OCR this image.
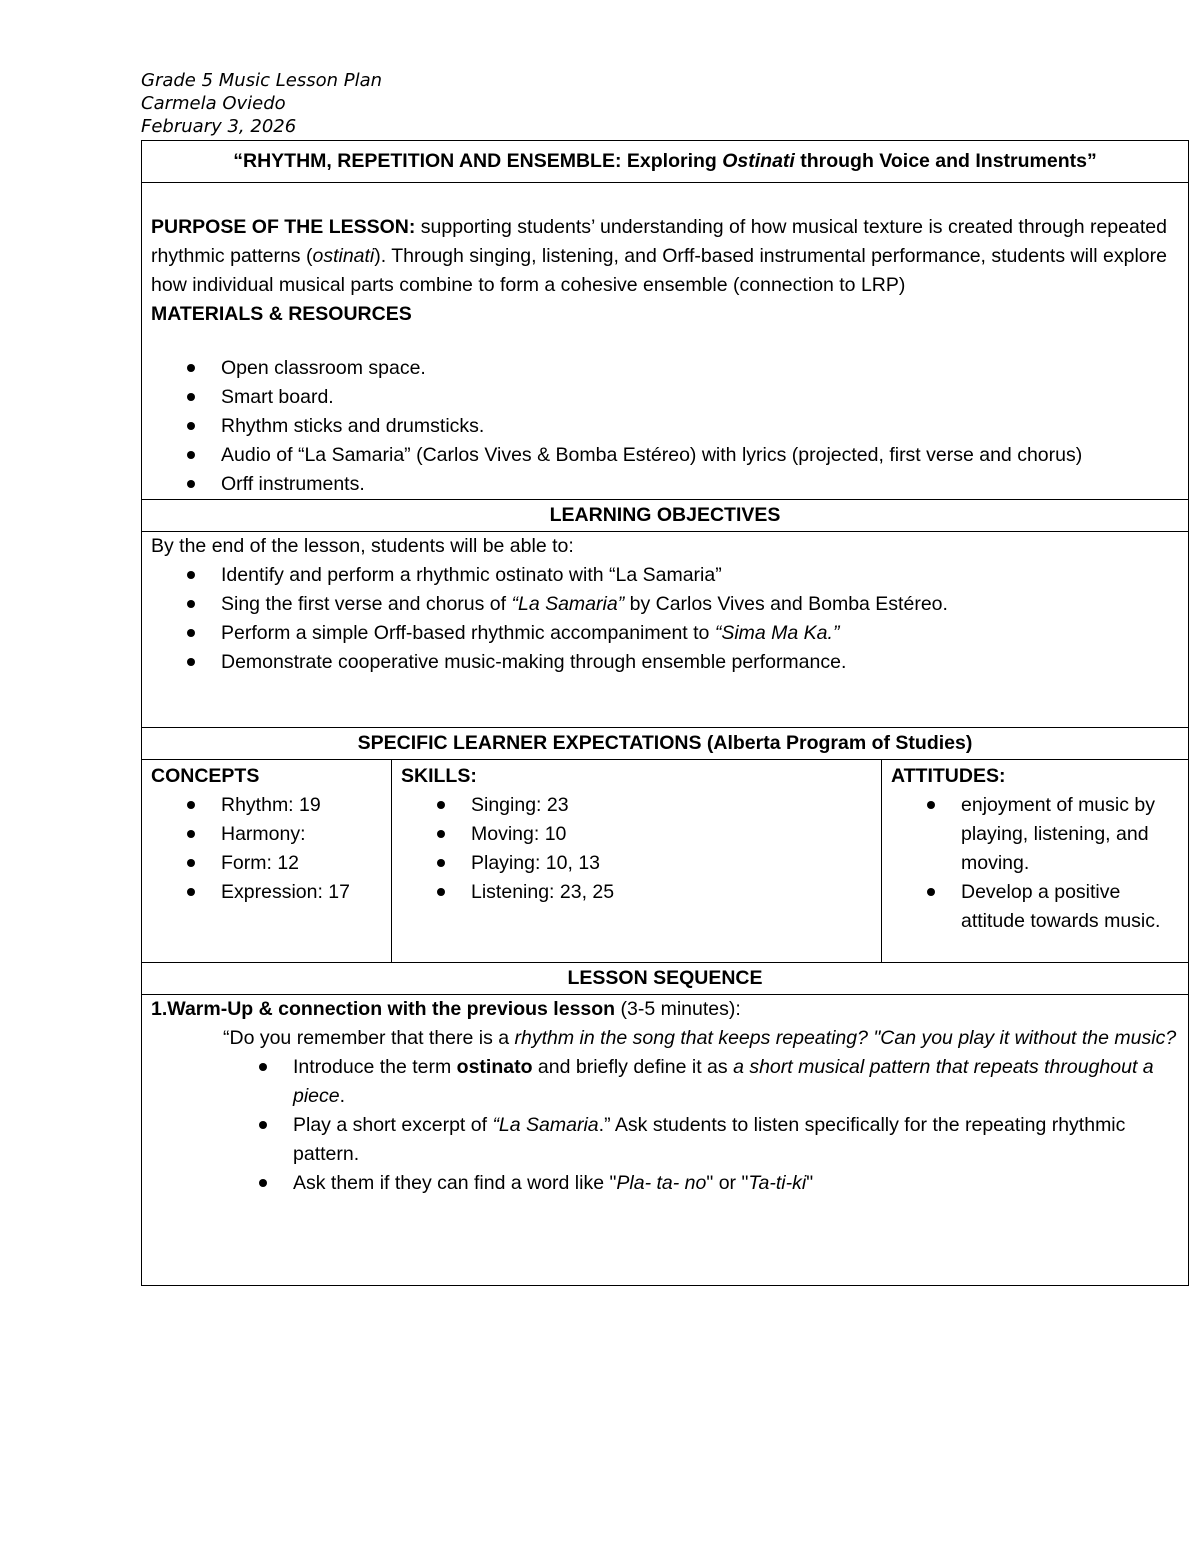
Grade 5 Music Lesson Plan
Carmela Oviedo
February 3, 2026
“RHYTHM, REPETITION AND ENSEMBLE: Exploring Ostinati through Voice and Instruments”

PURPOSE OF THE LESSON: supporting students’ understanding of how musical texture is created through repeated rhythmic patterns (ostinati). Through singing, listening, and Orff-based instrumental performance, students will explore how individual musical parts combine to form a cohesive ensemble (connection to LRP)
MATERIALS & RESOURCES
Open classroom space.
Smart board.
Rhythm sticks and drumsticks.
Audio of “La Samaria” (Carlos Vives & Bomba Estéreo) with lyrics (projected, first verse and chorus)
Orff instruments.

LEARNING OBJECTIVES

By the end of the lesson, students will be able to:
Identify and perform a rhythmic ostinato with “La Samaria”
Sing the first verse and chorus of “La Samaria” by Carlos Vives and Bomba Estéreo.
Perform a simple Orff-based rhythmic accompaniment to “Sima Ma Ka.”
Demonstrate cooperative music-making through ensemble performance.

SPECIFIC LEARNER EXPECTATIONS (Alberta Program of Studies)

CONCEPTS
Rhythm: 19
Harmony:
Form: 12
Expression: 17

SKILLS:
Singing: 23
Moving: 10
Playing: 10, 13
Listening: 23, 25

ATTITUDES:
enjoyment of music by playing, listening, and moving.
Develop a positive attitude towards music.

LESSON SEQUENCE

1.Warm-Up & connection with the previous lesson (3-5 minutes):
“Do you remember that there is a rhythm in the song that keeps repeating? "Can you play it without the music?
Introduce the term ostinato and briefly define it as a short musical pattern that repeats throughout a piece.
Play a short excerpt of “La Samaria.” Ask students to listen specifically for the repeating rhythmic pattern.
Ask them if they can find a word like "Pla- ta- no" or "Ta-ti-ki"
